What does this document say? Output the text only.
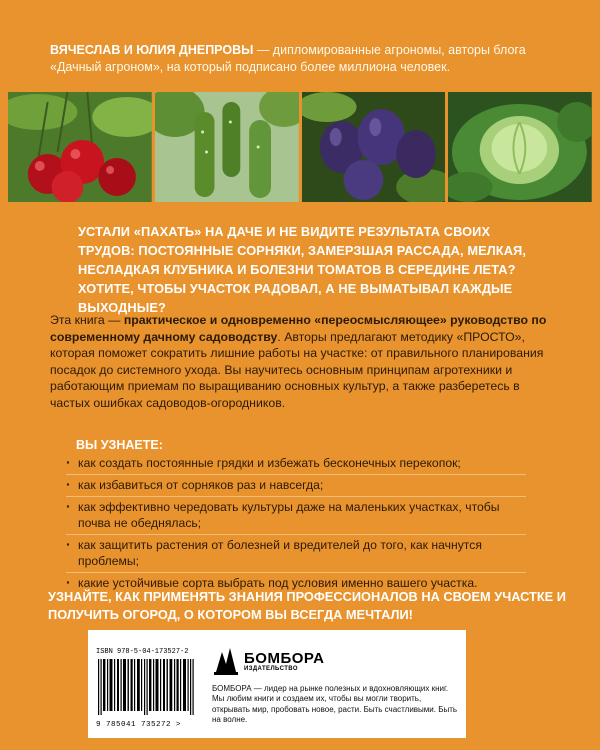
ВЯЧЕСЛАВ И ЮЛИЯ ДНЕПРОВЫ — дипломированные агрономы, авторы блога «Дачный агроном», на который подписано более миллиона человек.
УСТАЛИ «ПАХАТЬ» НА ДАЧЕ И НЕ ВИДИТЕ РЕЗУЛЬТАТА СВОИХ ТРУДОВ: ПОСТОЯННЫЕ СОРНЯКИ, ЗАМЕРЗШАЯ РАССАДА, МЕЛКАЯ, НЕСЛАДКАЯ КЛУБНИКА И БОЛЕЗНИ ТОМАТОВ В СЕРЕДИНЕ ЛЕТА? ХОТИТЕ, ЧТОБЫ УЧАСТОК РАДОВАЛ, А НЕ ВЫМАТЫВАЛ КАЖДЫЕ ВЫХОДНЫЕ?
Эта книга — практическое и одновременно «переосмысляющее» руководство по современному дачному садоводству. Авторы предлагают методику «ПРОСТО», которая поможет сократить лишние работы на участке: от правильного планирования посадок до системного ухода. Вы научитесь основным принципам агротехники и работающим приемам по выращиванию основных культур, а также разберетесь в частых ошибках садоводов-огородников.
ВЫ УЗНАЕТЕ:
· как создать постоянные грядки и избежать бесконечных перекопок;
· как избавиться от сорняков раз и навсегда;
· как эффективно чередовать культуры даже на маленьких участках, чтобы почва не обеднялась;
· как защитить растения от болезней и вредителей до того, как начнутся проблемы;
· какие устойчивые сорта выбрать под условия именно вашего участка.
УЗНАЙТЕ, КАК ПРИМЕНЯТЬ ЗНАНИЯ ПРОФЕССИОНАЛОВ НА СВОЕМ УЧАСТКЕ И ПОЛУЧИТЬ ОГОРОД, О КОТОРОМ ВЫ ВСЕГДА МЕЧТАЛИ!
ISBN 978-5-04-173527-2
9 785041 735272 >
БОМБОРА
ИЗДАТЕЛЬСТВО
БОМБОРА — лидер на рынке полезных и вдохновляющих книг. Мы любим книги и создаем их, чтобы вы могли творить, открывать мир, пробовать новое, расти. Быть счастливыми. Быть на волне.
